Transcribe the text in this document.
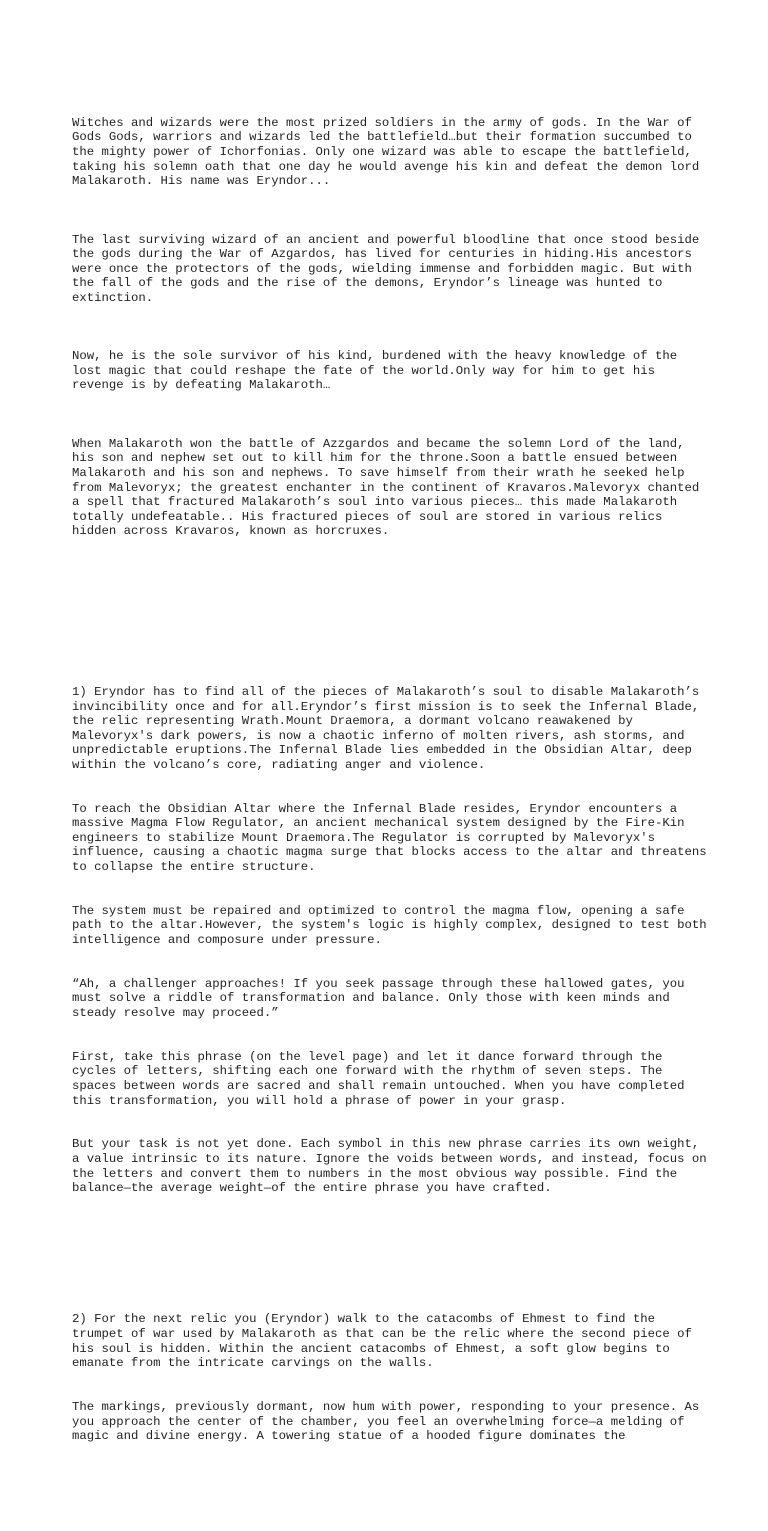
Witches and wizards were the most prized soldiers in the army of gods. In the War of Gods Gods, warriors and wizards led the battlefield…but their formation succumbed to the mighty power of Ichorfonias. Only one wizard was able to escape the battlefield, taking his solemn oath that one day he would avenge his kin and defeat the demon lord Malakaroth. His name was Eryndor...

The last surviving wizard of an ancient and powerful bloodline that once stood beside the gods during the War of Azgardos, has lived for centuries in hiding.His ancestors were once the protectors of the gods, wielding immense and forbidden magic. But with the fall of the gods and the rise of the demons, Eryndor’s lineage was hunted to extinction.

Now, he is the sole survivor of his kind, burdened with the heavy knowledge of the lost magic that could reshape the fate of the world.Only way for him to get his revenge is by defeating Malakaroth…

When Malakaroth won the battle of Azzgardos and became the solemn Lord of the land, his son and nephew set out to kill him for the throne.Soon a battle ensued between Malakaroth and his son and nephews. To save himself from their wrath he seeked help from Malevoryx; the greatest enchanter in the continent of Kravaros.Malevoryx chanted a spell that fractured Malakaroth’s soul into various pieces… this made Malakaroth totally undefeatable.. His fractured pieces of soul are stored in various relics hidden across Kravaros, known as horcruxes.

1) Eryndor has to find all of the pieces of Malakaroth’s soul to disable Malakaroth’s invincibility once and for all.Eryndor’s first mission is to seek the Infernal Blade, the relic representing Wrath.Mount Draemora, a dormant volcano reawakened by Malevoryx's dark powers, is now a chaotic inferno of molten rivers, ash storms, and unpredictable eruptions.The Infernal Blade lies embedded in the Obsidian Altar, deep within the volcano’s core, radiating anger and violence.

To reach the Obsidian Altar where the Infernal Blade resides, Eryndor encounters a massive Magma Flow Regulator, an ancient mechanical system designed by the Fire-Kin engineers to stabilize Mount Draemora.The Regulator is corrupted by Malevoryx's influence, causing a chaotic magma surge that blocks access to the altar and threatens to collapse the entire structure.

The system must be repaired and optimized to control the magma flow, opening a safe path to the altar.However, the system's logic is highly complex, designed to test both intelligence and composure under pressure.

“Ah, a challenger approaches! If you seek passage through these hallowed gates, you must solve a riddle of transformation and balance. Only those with keen minds and steady resolve may proceed.”

First, take this phrase (on the level page) and let it dance forward through the cycles of letters, shifting each one forward with the rhythm of seven steps. The spaces between words are sacred and shall remain untouched. When you have completed this transformation, you will hold a phrase of power in your grasp.

But your task is not yet done. Each symbol in this new phrase carries its own weight, a value intrinsic to its nature. Ignore the voids between words, and instead, focus on the letters and convert them to numbers in the most obvious way possible. Find the balance—the average weight—of the entire phrase you have crafted.

2) For the next relic you (Eryndor) walk to the catacombs of Ehmest to find the trumpet of war used by Malakaroth as that can be the relic where the second piece of his soul is hidden. Within the ancient catacombs of Ehmest, a soft glow begins to emanate from the intricate carvings on the walls.

The markings, previously dormant, now hum with power, responding to your presence. As you approach the center of the chamber, you feel an overwhelming force—a melding of magic and divine energy. A towering statue of a hooded figure dominates the
